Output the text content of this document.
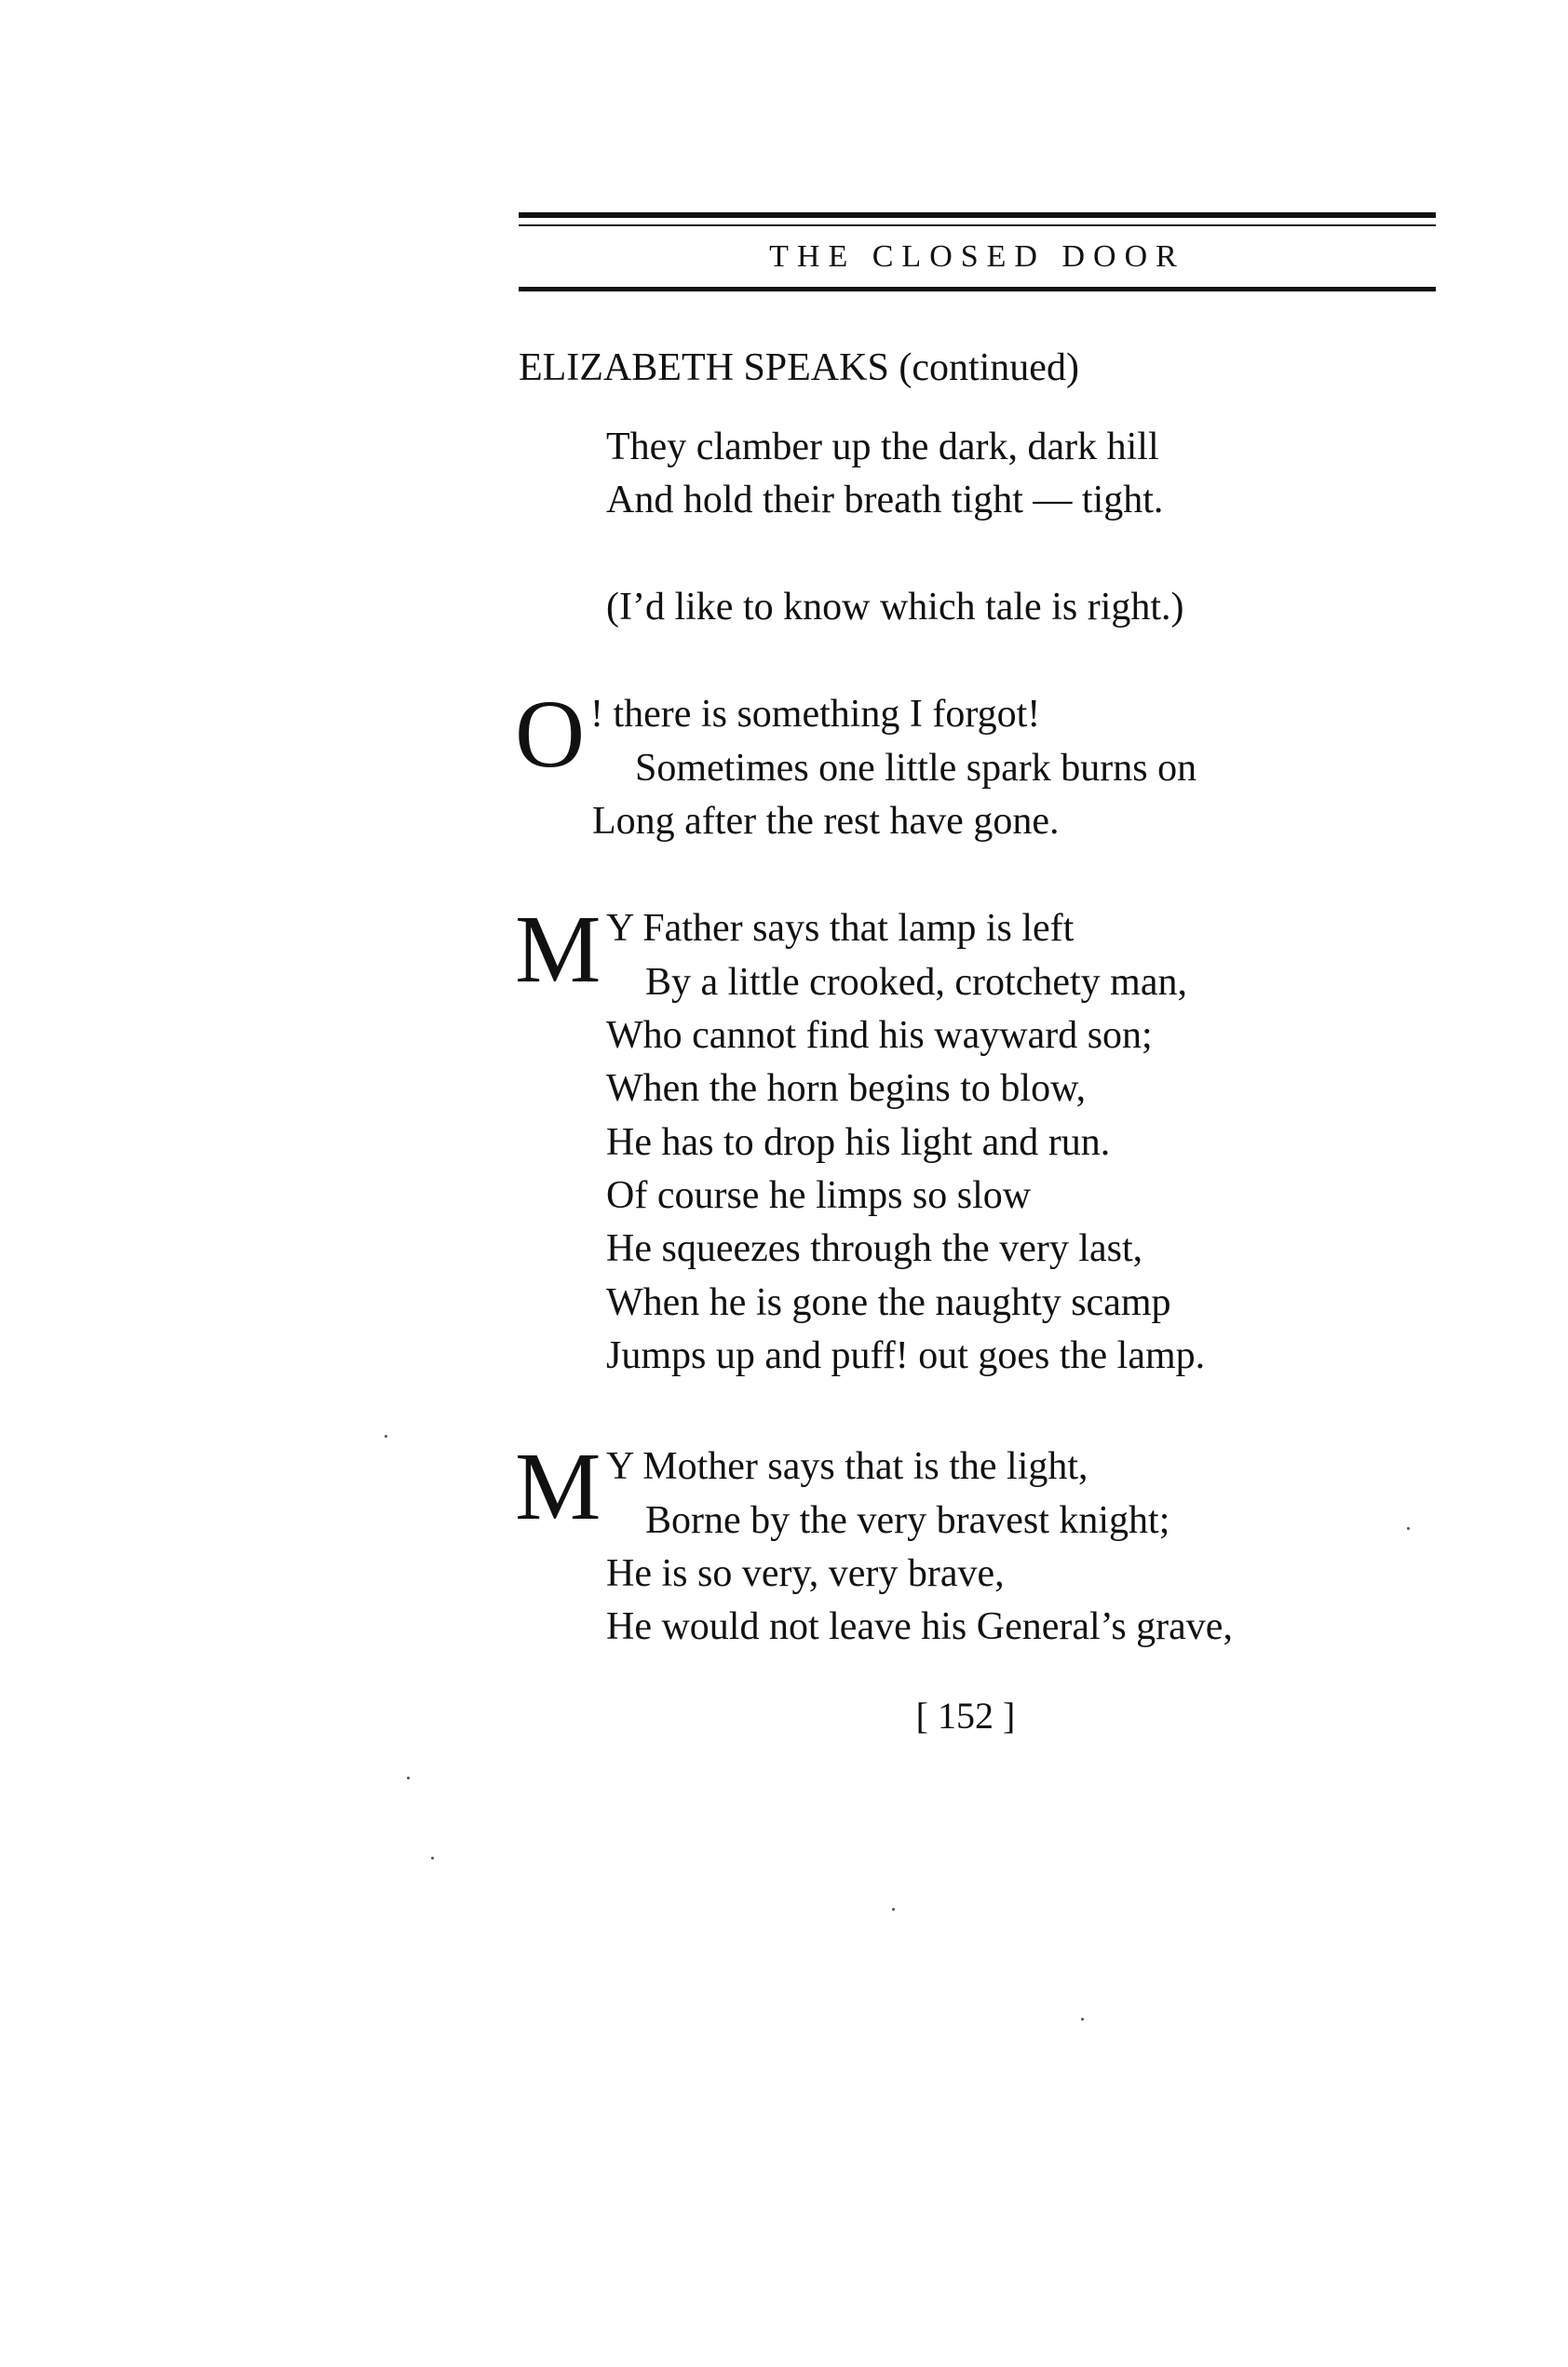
THE CLOSED DOOR
ELIZABETH SPEAKS (continued)
They clamber up the dark, dark hill
And hold their breath tight — tight.
(I’d like to know which tale is right.)
O ! there is something I forgot!
Sometimes one little spark burns on
Long after the rest have gone.
M Y Father says that lamp is left
By a little crooked, crotchety man,
Who cannot find his wayward son;
When the horn begins to blow,
He has to drop his light and run.
Of course he limps so slow
He squeezes through the very last,
When he is gone the naughty scamp
Jumps up and puff! out goes the lamp.
M Y Mother says that is the light,
Borne by the very bravest knight;
He is so very, very brave,
He would not leave his General’s grave,
[ 152 ]
